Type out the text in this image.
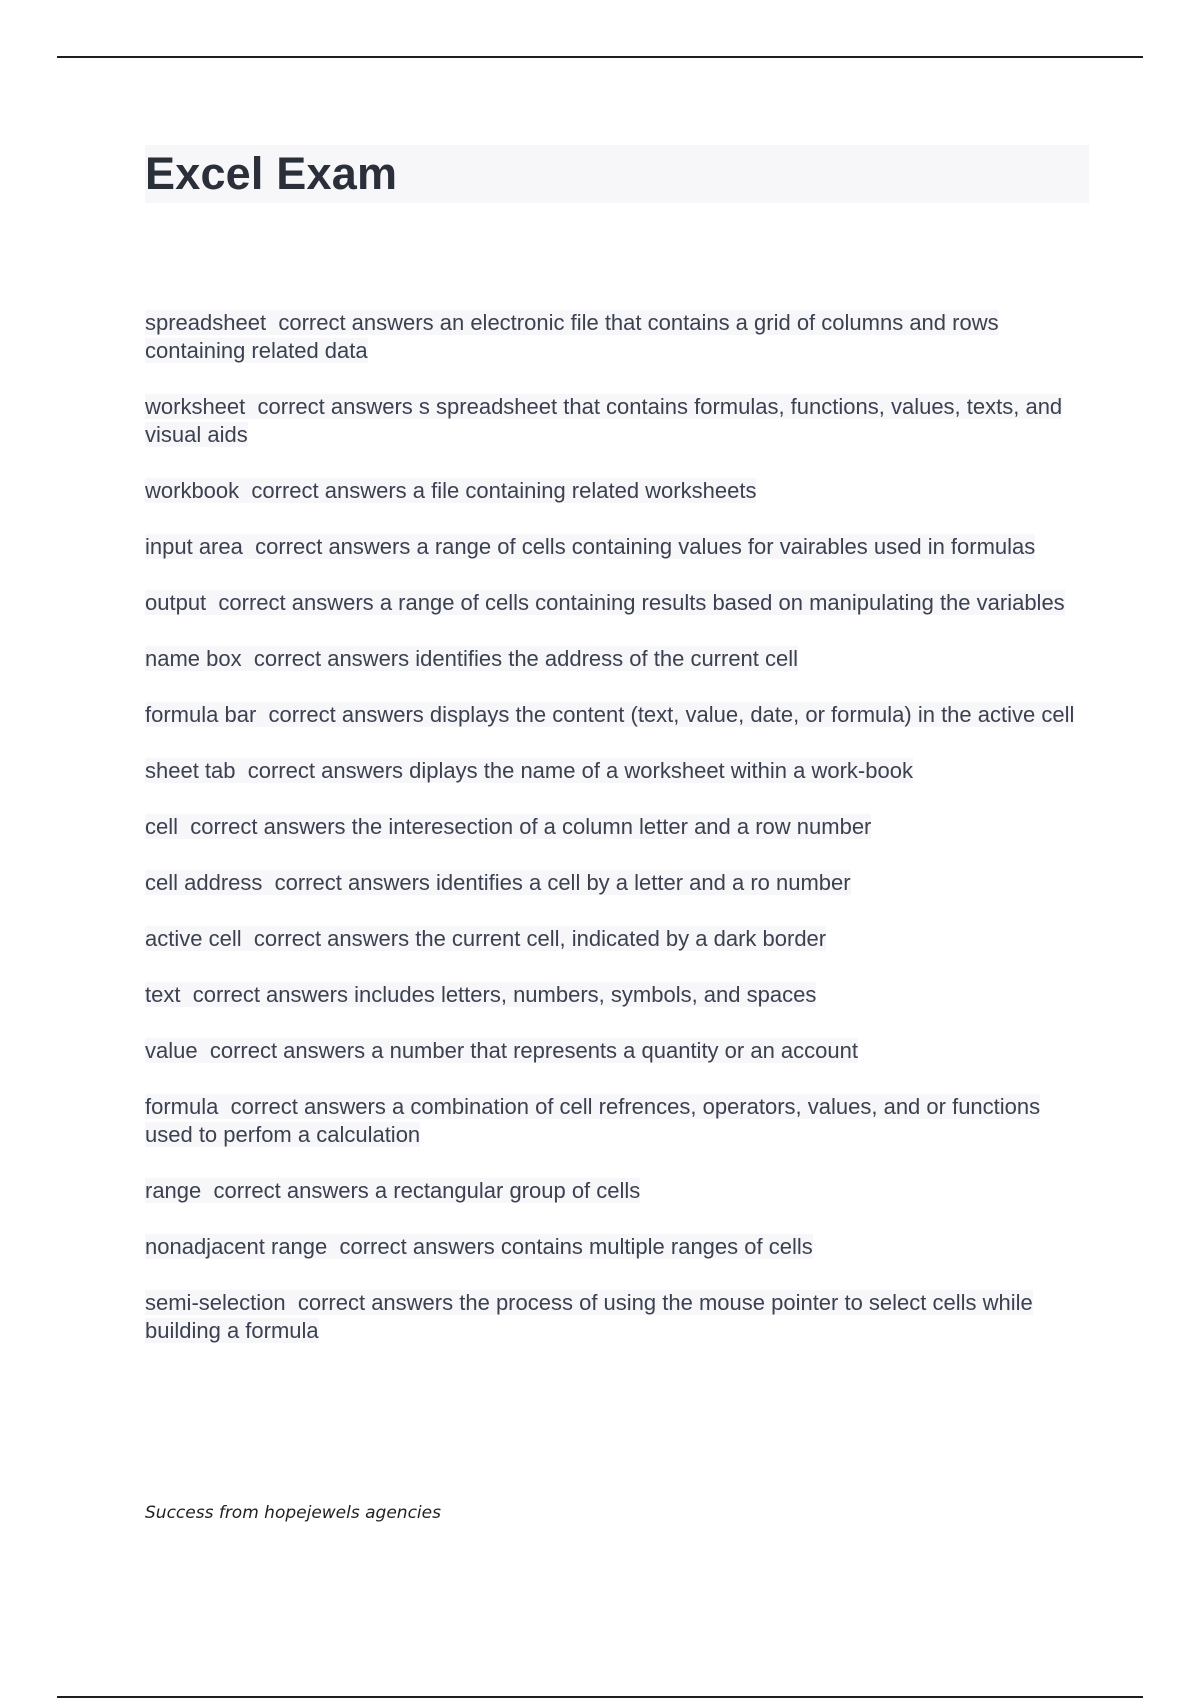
Excel Exam

spreadsheet correct answers an electronic file that contains a grid of columns and rows containing related data

worksheet correct answers s spreadsheet that contains formulas, functions, values, texts, and visual aids

workbook correct answers a file containing related worksheets

input area correct answers a range of cells containing values for vairables used in formulas

output correct answers a range of cells containing results based on manipulating the variables

name box correct answers identifies the address of the current cell

formula bar correct answers displays the content (text, value, date, or formula) in the active cell

sheet tab correct answers diplays the name of a worksheet within a work-book

cell correct answers the interesection of a column letter and a row number

cell address correct answers identifies a cell by a letter and a ro number

active cell correct answers the current cell, indicated by a dark border

text correct answers includes letters, numbers, symbols, and spaces

value correct answers a number that represents a quantity or an account

formula correct answers a combination of cell refrences, operators, values, and or functions used to perfom a calculation

range correct answers a rectangular group of cells

nonadjacent range correct answers contains multiple ranges of cells

semi-selection correct answers the process of using the mouse pointer to select cells while building a formula

Success from hopejewels agencies
